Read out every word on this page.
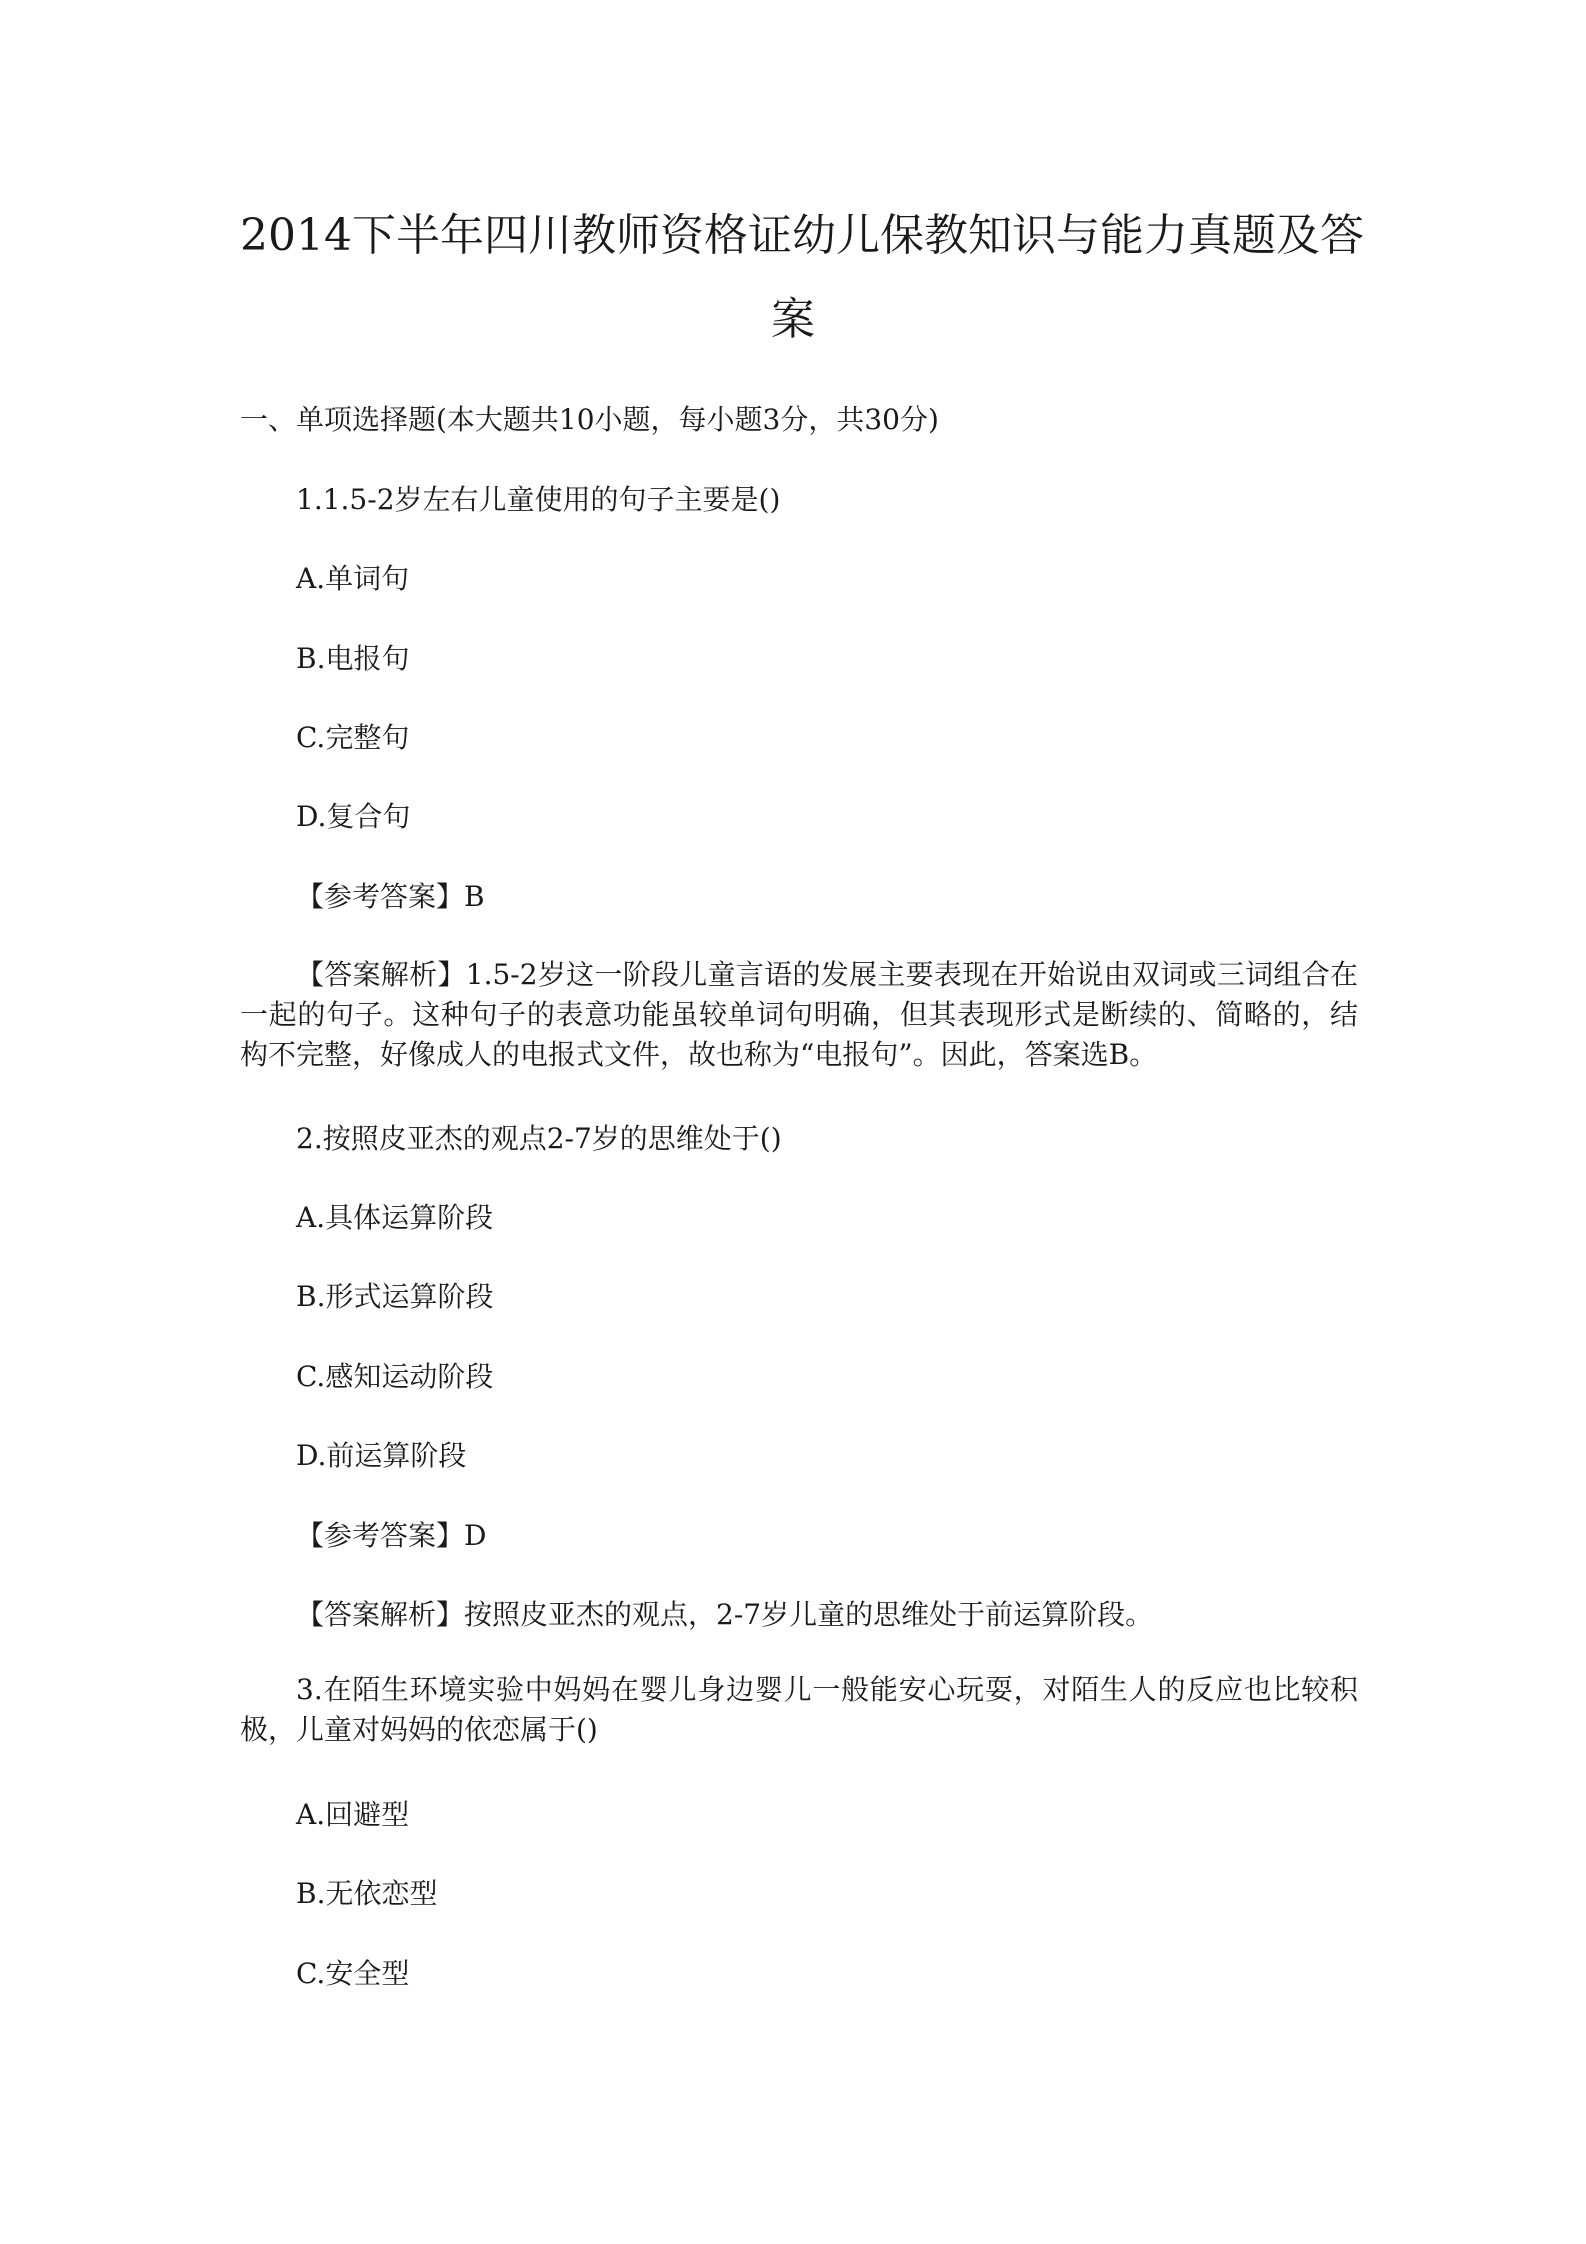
2014下半年四川教师资格证幼儿保教知识与能力真题及答
案
一、单项选择题(本大题共10小题，每小题3分，共30分)
1.1.5-2岁左右儿童使用的句子主要是()
A.单词句
B.电报句
C.完整句
D.复合句
【参考答案】B
【答案解析】1.5-2岁这一阶段儿童言语的发展主要表现在开始说由双词或三词组合在一起的句子。这种句子的表意功能虽较单词句明确，但其表现形式是断续的、简略的，结构不完整，好像成人的电报式文件，故也称为“电报句”。因此，答案选B。
2.按照皮亚杰的观点2-7岁的思维处于()
A.具体运算阶段
B.形式运算阶段
C.感知运动阶段
D.前运算阶段
【参考答案】D
【答案解析】按照皮亚杰的观点，2-7岁儿童的思维处于前运算阶段。
3.在陌生环境实验中妈妈在婴儿身边婴儿一般能安心玩耍，对陌生人的反应也比较积极，儿童对妈妈的依恋属于()
A.回避型
B.无依恋型
C.安全型
